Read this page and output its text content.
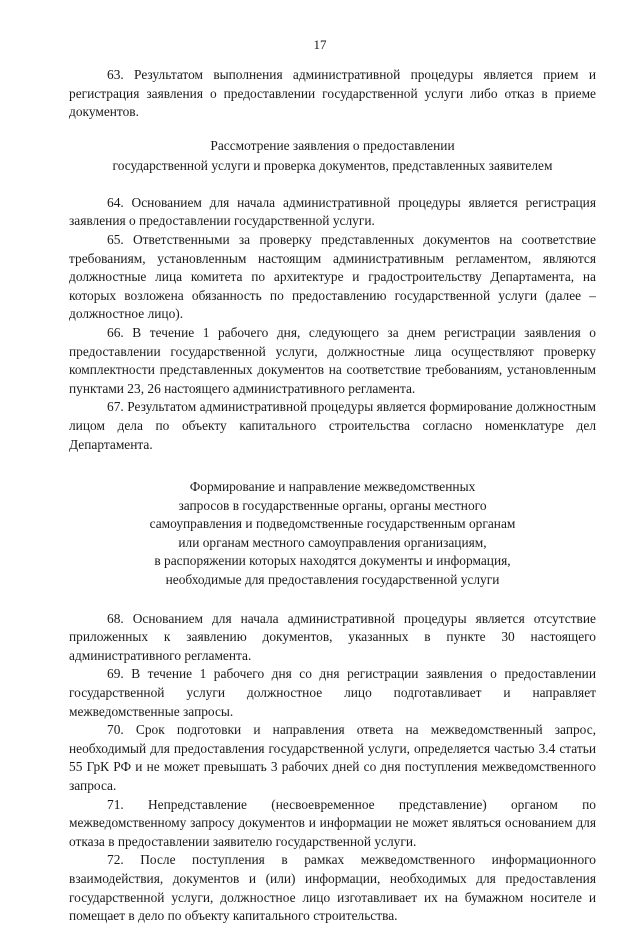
17

63. Результатом выполнения административной процедуры является прием и регистрация заявления о предоставлении государственной услуги либо отказ в приеме документов.

Рассмотрение заявления о предоставлении
государственной услуги и проверка документов, представленных заявителем

64. Основанием для начала административной процедуры является регистрация заявления о предоставлении государственной услуги.

65. Ответственными за проверку представленных документов на соответствие требованиям, установленным настоящим административным регламентом, являются должностные лица комитета по архитектуре и градостроительству Департамента, на которых возложена обязанность по предоставлению государственной услуги (далее – должностное лицо).

66. В течение 1 рабочего дня, следующего за днем регистрации заявления о предоставлении государственной услуги, должностные лица осуществляют проверку комплектности представленных документов на соответствие требованиям, установленным пунктами 23, 26 настоящего административного регламента.

67. Результатом административной процедуры является формирование должностным лицом дела по объекту капитального строительства согласно номенклатуре дел Департамента.

Формирование и направление межведомственных
запросов в государственные органы, органы местного
самоуправления и подведомственные государственным органам
или органам местного самоуправления организациям,
в распоряжении которых находятся документы и информация,
необходимые для предоставления государственной услуги

68. Основанием для начала административной процедуры является отсутствие приложенных к заявлению документов, указанных в пункте 30 настоящего административного регламента.

69. В течение 1 рабочего дня со дня регистрации заявления о предоставлении государственной услуги должностное лицо подготавливает и направляет межведомственные запросы.

70. Срок подготовки и направления ответа на межведомственный запрос, необходимый для предоставления государственной услуги, определяется частью 3.4 статьи 55 ГрК РФ и не может превышать 3 рабочих дней со дня поступления межведомственного запроса.

71. Непредставление (несвоевременное представление) органом по межведомственному запросу документов и информации не может являться основанием для отказа в предоставлении заявителю государственной услуги.

72. После поступления в рамках межведомственного информационного взаимодействия, документов и (или) информации, необходимых для предоставления государственной услуги, должностное лицо изготавливает их на бумажном носителе и помещает в дело по объекту капитального строительства.
